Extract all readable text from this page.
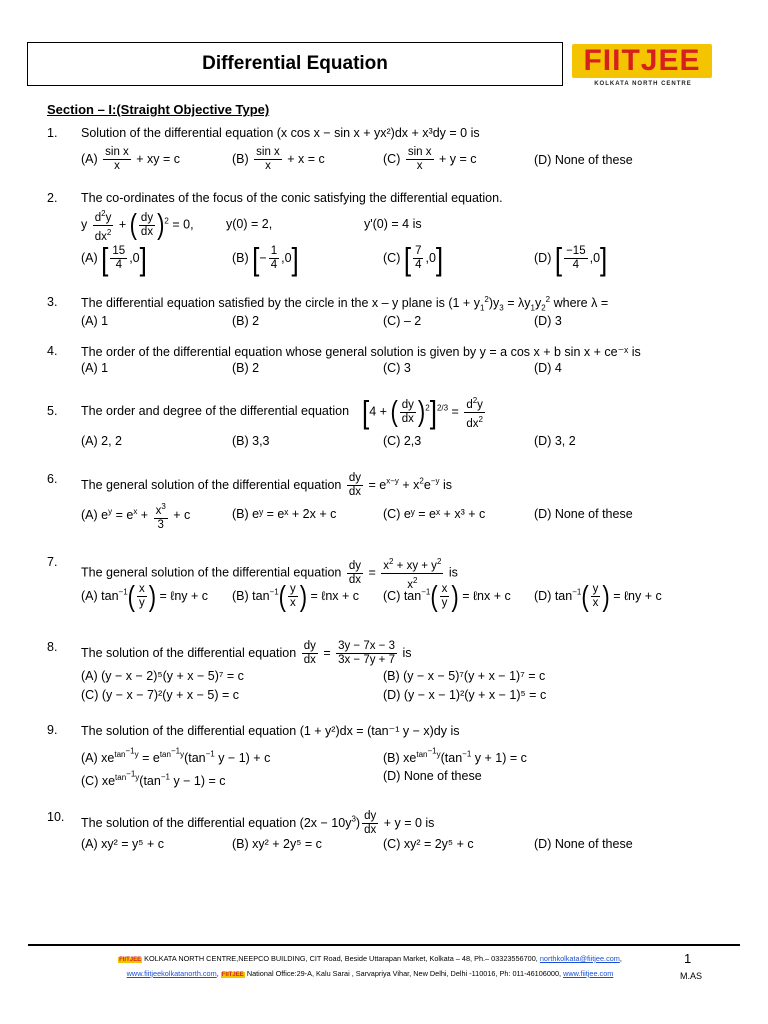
Differential Equation	FIITJEE
KOLKATA NORTH CENTRE
Section – I:(Straight Objective Type)
1. Solution of the differential equation (x cos x − sin x + yx²)dx + x³dy = 0 is
$(A) \frac{\text{sin x}}{x}$ + xy = c	$(B) \frac{\text{sin x}}{x} + x = c$	$(C) \frac{\text{sin x}}{x} + y = c$	(D) None of these
2. The co-ordinates of the focus of the conic satisfying the differential equation.
y $\frac{d^2y}{dx^2}$ + ( $\frac{dy}{dx} )^2 = 0$,	y(0) = 2,	y'(0) = 4 is
(A) [ $\frac{15}{4} ,0$]	(B) [− $\frac{1}{4} ,0$]	(C) [ $\frac{7}{4} ,0$]	(D) [ $\frac{-15}{4} ,0$]
3. The differential equation satisfied by the circle in the x – y plane is $(1 + y_1^2)y_3 = \lambda y_1y_2^2$ where λ =
(A) 1	(B) 2	(C) – 2	(D) 3
4. The order of the differential equation whose general solution is given by y = a cos x + b sin x + ce⁻ˣ is
(A) 1	(B) 2	(C) 3	(D) 4
5. The order and degree of the differential equation [4 + ( $\frac{dy}{dx} )^2]^{2/3} = \frac{d^2y}{dx^2}$
(A) 2, 2	(B) 3,3	(C) 2,3	(D) 3, 2
6. The general solution of the differential equation $\frac{dy}{dx} = e^{x-y} + x^2e^{-y}$ is
(A) $e^y = e^x + \frac{x^3}{3} + c$	(B) eʸ = eˣ + 2x + c	(C) eʸ = eˣ + x³ + c	(D) None of these
7.
The general solution of the differential equation $\frac{dy}{dx} = \frac{x^2 + xy + y^2}{x^2}$ is
(A) $\tan^{-1}( \frac{x}{y}$ ) = ℓny + c (B) $\tan^{-1}( \frac{y}{x}$ ) = ℓnx + c (C) $\tan^{-1}( \frac{x}{y}$ ) = ℓnx + c (D) $\tan^{-1}( \frac{y}{x}$ ) = ℓny + c
8. The solution of the differential equation $\frac{dy}{dx} = \frac{3y - 7x - 3}{3x - 7y + 7}$ is
(A) (y − x − 2)⁵(y + x − 5)⁷ = c	(B) (y − x − 5)⁷(y + x − 1)⁷ = c
(C) (y − x − 7)²(y + x − 5) = c	(D) (y − x − 1)²(y + x − 1)⁵ = c
9. The solution of the differential equation (1 + y²)dx = (tan⁻¹ y − x)dy is
(A) $xe^{tan^{-1}y} = e^{tan^{-1}y}(\tan^{-1}$ y − 1) + c	(B) $xe^{tan^{-1}y}(\tan^{-1}$ y + 1) = c
(C) $xe^{tan^{-1}y}(\tan^{-1}$ y − 1) = c	(D) None of these
10. The solution of the differential equation $(2x - 10y^3) \frac{dy}{dx} + y = 0$ is
(A) xy² = y⁵ + c	(B) xy² + 2y⁵ = c	(C) xy² = 2y⁵ + c	(D) None of these
FIITJEE KOLKATA NORTH CENTRE,NEEPCO BUILDING, CIT Road, Beside Uttarapan Market, Kolkata – 48, Ph.– 03323556700, northkolkata@fiitjee.com,
www.fiitjeekolkatanorth.com, FIITJEE National Office:29-A, Kalu Sarai , Sarvapriya Vihar, New Delhi, Delhi -110016, Ph: 011-46106000, www.fiitjee.com
1
M.AS
